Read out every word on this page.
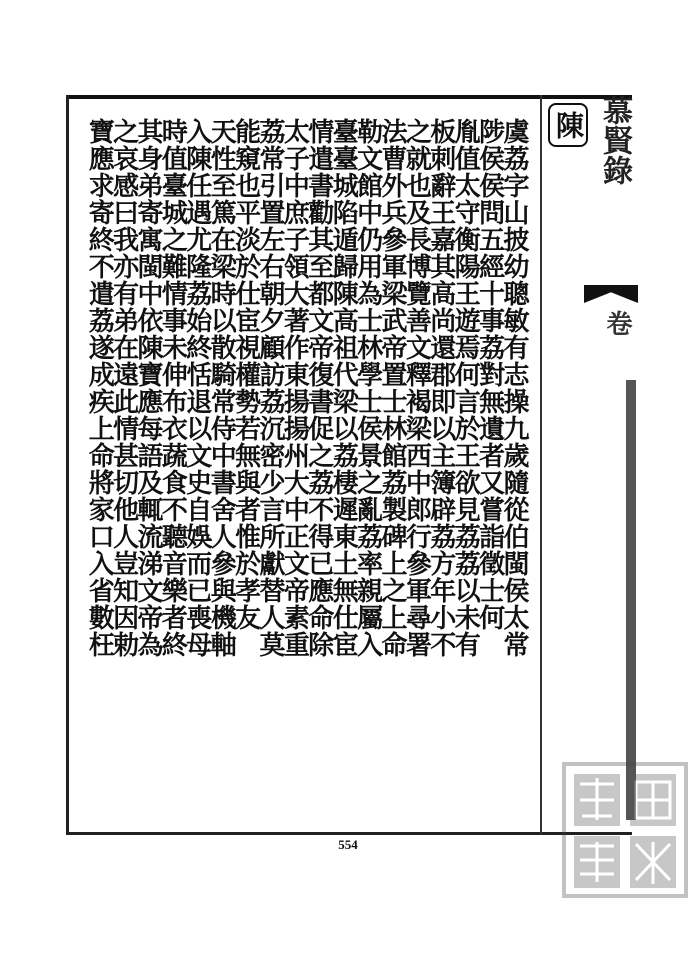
虞荔字山披幼聰敏有志操九歲隨從伯閩侯太常
陟侯侯問五經十事荔對無遺者又嘗詣徵士何
胤值太守衡陽王遊焉何言於王欲見荔荔以未有
板刺辭王嘉其高尚還郡即以主簿辟荔方年小不
之就也及長博覽善文釋褐梁西中郎行參軍尋署
法曹外兵參軍梁武帝置士林館荔製碑上之上命
勒文館中仍用為士林學士侯景之亂荔率親屬入
臺臺城陷遁歸陳高祖代梁以荔棲遲東土無仕宦
情遣書勸其至都文帝復書促之荔不得已應命除
太子中庶子領大著作東揚揚州大中正文帝素重
荔常引置左右朝夕顧訪荔沉密少言所獻替人莫
能窺也平淡於仕宦視權勢若無與者惟於孝友
天性至篤在梁時以散騎常侍中書舍人參與機軸
入陳任遇尤隆荔始終恬退以文史自娛而已喪母
時值臺城之難情事未伸布衣蔬食不聽音樂者終
其身弟寄寓閩中依陳寶應每語及輒流涕文帝為
之哀感曰我亦有弟在遠此情甚切他人豈知因勅
寶應求寄終不遣荔遂成疾上命將家口入省數枉	陳 慕賢錄
卷
554
